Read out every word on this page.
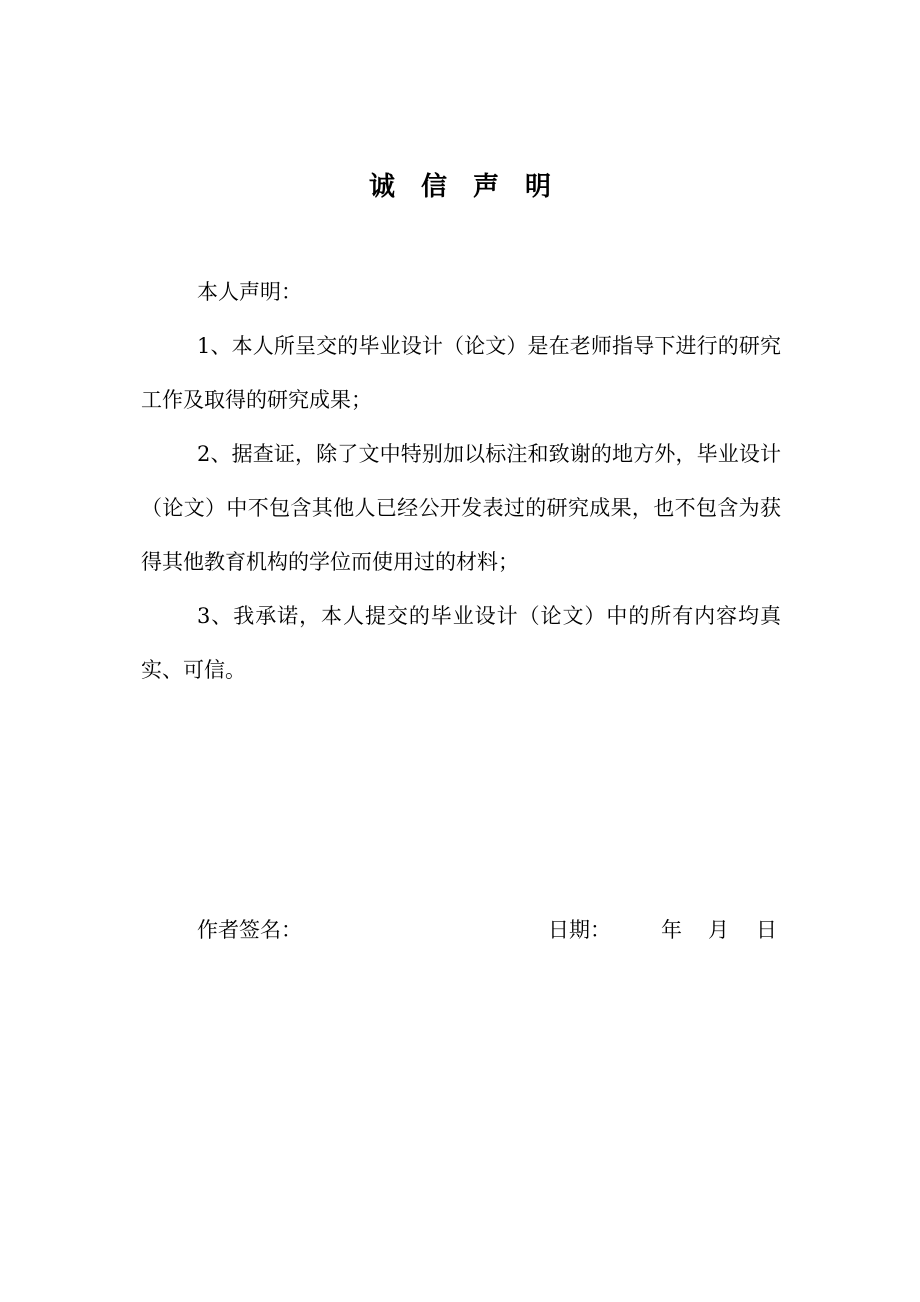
诚信声明

本人声明：

1、本人所呈交的毕业设计（论文）是在老师指导下进行的研究工作及取得的研究成果；

2、据查证，除了文中特别加以标注和致谢的地方外，毕业设计（论文）中不包含其他人已经公开发表过的研究成果，也不包含为获得其他教育机构的学位而使用过的材料；

3、我承诺，本人提交的毕业设计（论文）中的所有内容均真实、可信。

作者签名：	日期： 年 月 日
